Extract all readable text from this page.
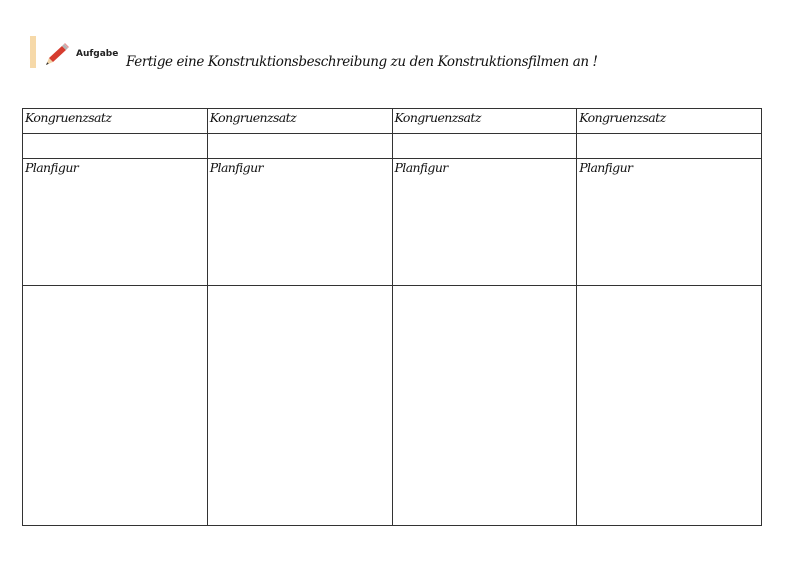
Aufgabe Fertige eine Konstruktionsbeschreibung zu den Konstruktionsfilmen an !
Kongruenzsatz	Kongruenzsatz	Kongruenzsatz	Kongruenzsatz

Planfigur	Planfigur	Planfigur	Planfigur
